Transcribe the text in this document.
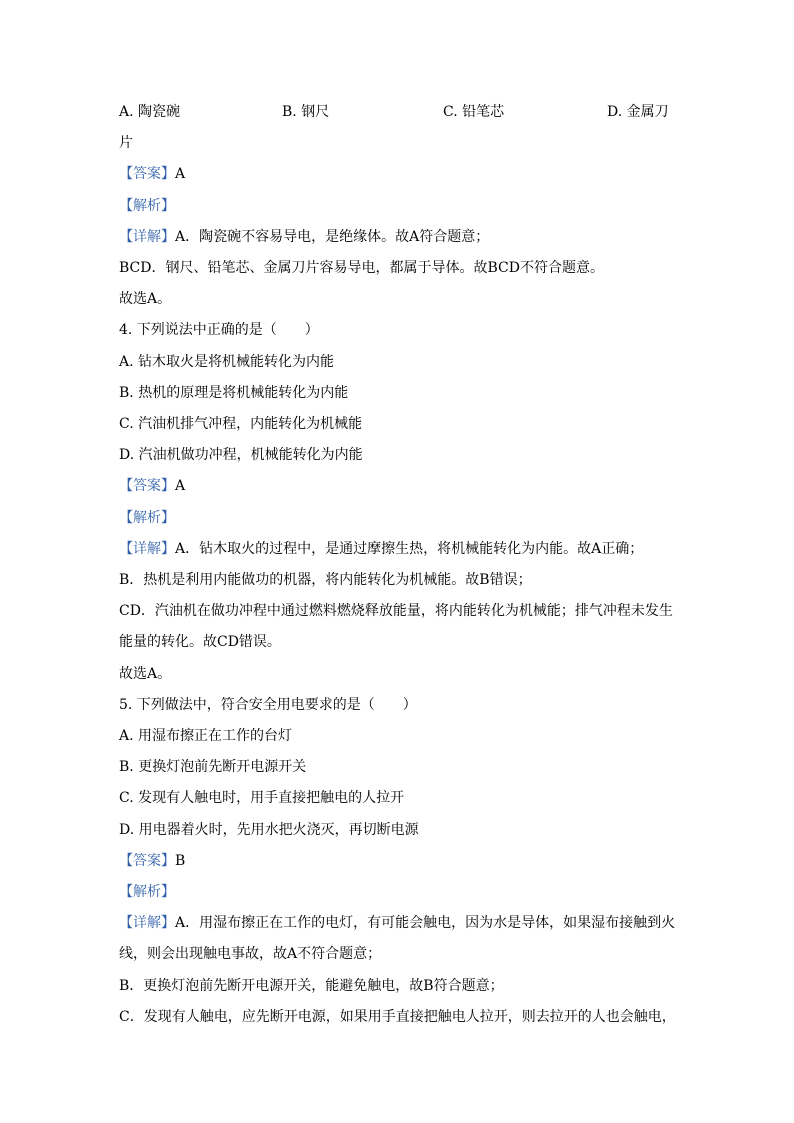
A. 陶瓷碗	B. 钢尺	C. 铅笔芯	D. 金属刀
片
【答案】A
【解析】
【详解】A．陶瓷碗不容易导电，是绝缘体。故A符合题意；
BCD．钢尺、铅笔芯、金属刀片容易导电，都属于导体。故BCD不符合题意。
故选A。
4. 下列说法中正确的是（　　）
A. 钻木取火是将机械能转化为内能
B. 热机的原理是将机械能转化为内能
C. 汽油机排气冲程，内能转化为机械能
D. 汽油机做功冲程，机械能转化为内能
【答案】A
【解析】
【详解】A．钻木取火的过程中，是通过摩擦生热，将机械能转化为内能。故A正确；
B．热机是利用内能做功的机器，将内能转化为机械能。故B错误；
CD．汽油机在做功冲程中通过燃料燃烧释放能量，将内能转化为机械能；排气冲程未发生
能量的转化。故CD错误。
故选A。
5. 下列做法中，符合安全用电要求的是（　　）
A. 用湿布擦正在工作的台灯
B. 更换灯泡前先断开电源开关
C. 发现有人触电时，用手直接把触电的人拉开
D. 用电器着火时，先用水把火浇灭，再切断电源
【答案】B
【解析】
【详解】A．用湿布擦正在工作的电灯，有可能会触电，因为水是导体，如果湿布接触到火
线，则会出现触电事故，故A不符合题意；
B．更换灯泡前先断开电源开关，能避免触电，故B符合题意；
C．发现有人触电，应先断开电源，如果用手直接把触电人拉开，则去拉开的人也会触电，
